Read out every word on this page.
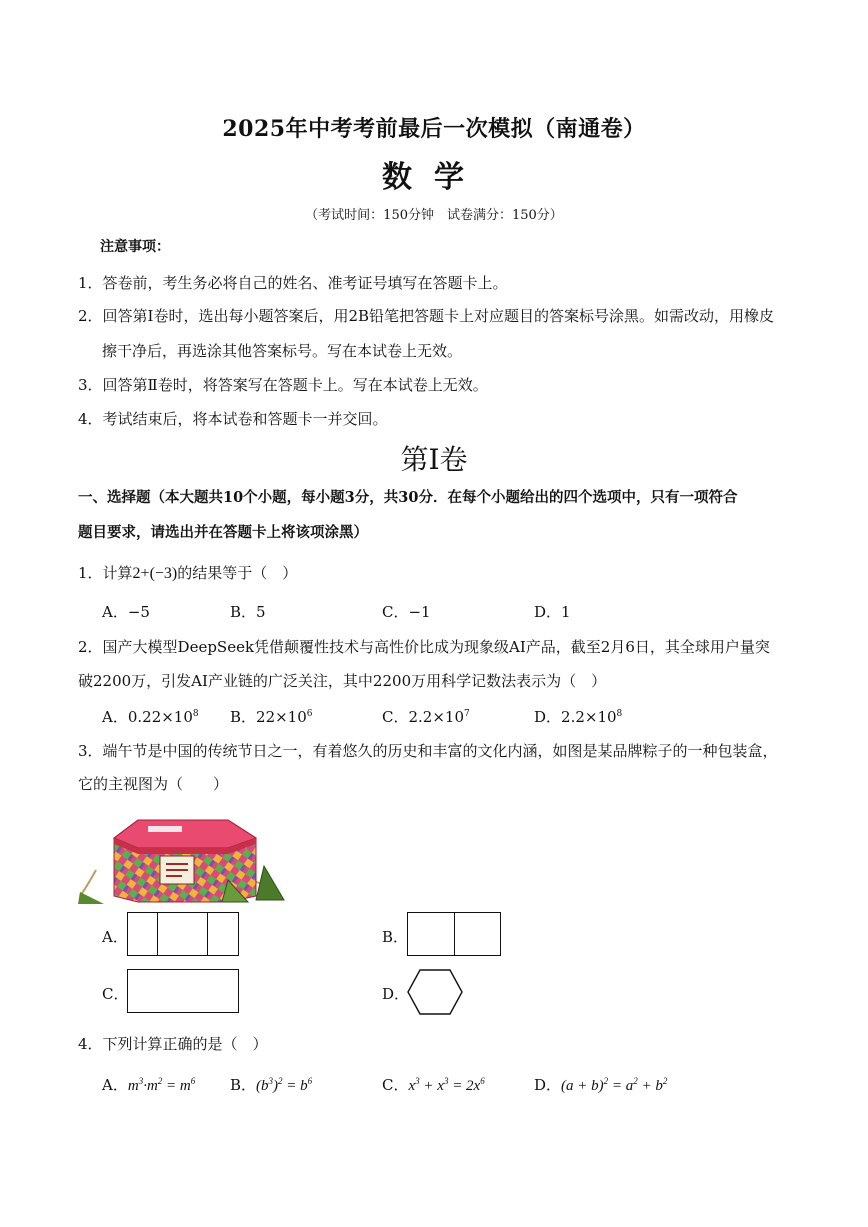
2025年中考考前最后一次模拟（南通卷）
数学
（考试时间：150分钟　试卷满分：150分）
注意事项：
1．答卷前，考生务必将自己的姓名、准考证号填写在答题卡上。
2．回答第Ⅰ卷时，选出每小题答案后，用2B铅笔把答题卡上对应题目的答案标号涂黑。如需改动，用橡皮
擦干净后，再选涂其他答案标号。写在本试卷上无效。
3．回答第Ⅱ卷时，将答案写在答题卡上。写在本试卷上无效。
4．考试结束后，将本试卷和答题卡一并交回。
第Ⅰ卷
一、选择题（本大题共10个小题，每小题3分，共30分．在每个小题给出的四个选项中，只有一项符合
题目要求，请选出并在答题卡上将该项涂黑）
1．计算2+(−3)的结果等于（　）
A．−5	B．5	C．−1	D．1
2．国产大模型DeepSeek凭借颠覆性技术与高性价比成为现象级AI产品，截至2月6日，其全球用户量突
破2200万，引发AI产业链的广泛关注，其中2200万用科学记数法表示为（　）
A．$0.22\times 10^8$ B．$22\times 10^6$	C．$2.2\times 10^7$	D．$2.2\times 10^8$
3．端午节是中国的传统节日之一，有着悠久的历史和丰富的文化内涵，如图是某品牌粽子的一种包装盒，
它的主视图为（　　）
A．	B．
C．	D．
4．下列计算正确的是（　）
A．$m^3\cdot m^2 = m^6$ B．$(b^3)^2 = b^6$	C．$x^3 + x^3 = 2x^6$	D．$(a + b)^2 = a^2 + b^2$
